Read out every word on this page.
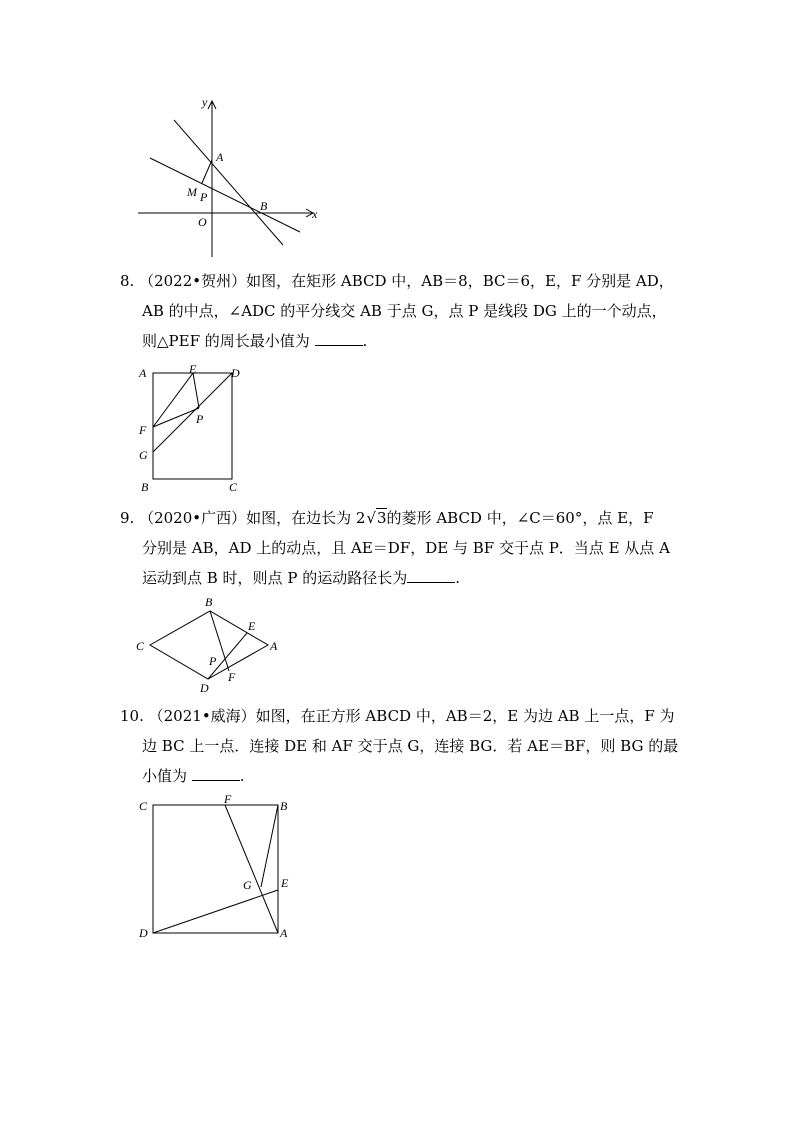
y
x
A
M P
O
B

8. （2022•贺州）如图，在矩形 ABCD 中，AB＝8，BC＝6，E，F 分别是 AD，

AB 的中点，∠ADC 的平分线交 AB 于点 G，点 P 是线段 DG 上的一个动点，

则△PEF 的周长最小值为	.

A	E	D
P
F
G
B	C

9. （2020•广西）如图，在边长为 2√3的菱形 ABCD 中，∠C＝60°，点 E，F

分别是 AB，AD 上的动点，且 AE＝DF，DE 与 BF 交于点 P．当点 E 从点 A

运动到点 B 时，则点 P 的运动路径长为	.

B
E
C	A
P
F
D

10. （2021•威海）如图，在正方形 ABCD 中，AB＝2，E 为边 AB 上一点，F 为

边 BC 上一点．连接 DE 和 AF 交于点 G，连接 BG．若 AE＝BF，则 BG 的最

小值为	.

C	F	B
G E
D	A
